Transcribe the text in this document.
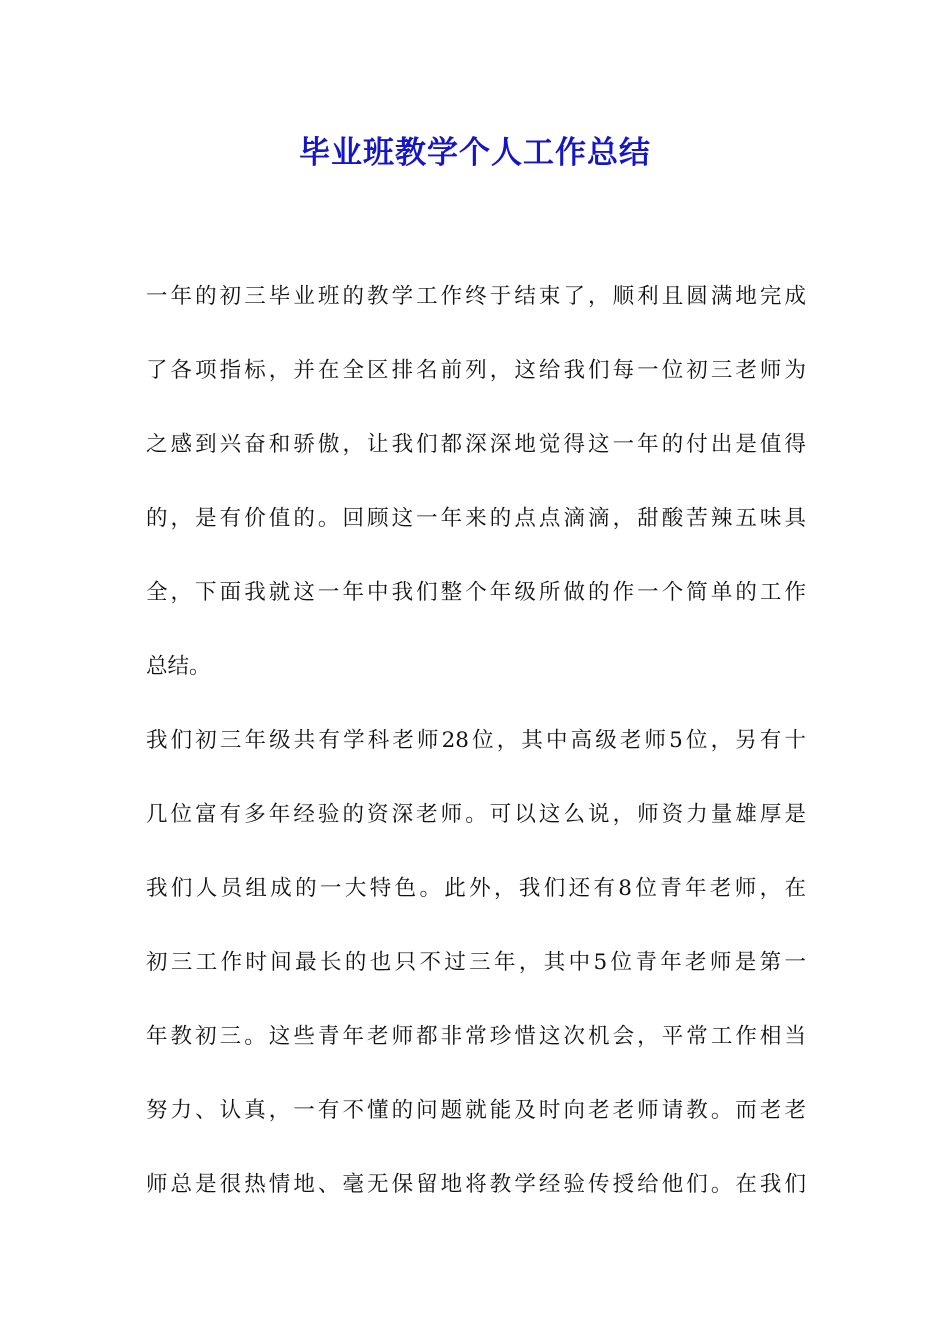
毕业班教学个人工作总结
一年的初三毕业班的教学工作终于结束了，顺利且圆满地完成
了各项指标，并在全区排名前列，这给我们每一位初三老师为
之感到兴奋和骄傲，让我们都深深地觉得这一年的付出是值得
的，是有价值的。回顾这一年来的点点滴滴，甜酸苦辣五味具
全，下面我就这一年中我们整个年级所做的作一个简单的工作
总结。
我们初三年级共有学科老师28位，其中高级老师5位，另有十
几位富有多年经验的资深老师。可以这么说，师资力量雄厚是
我们人员组成的一大特色。此外，我们还有8位青年老师，在
初三工作时间最长的也只不过三年，其中5位青年老师是第一
年教初三。这些青年老师都非常珍惜这次机会，平常工作相当
努力、认真，一有不懂的问题就能及时向老老师请教。而老老
师总是很热情地、毫无保留地将教学经验传授给他们。在我们
